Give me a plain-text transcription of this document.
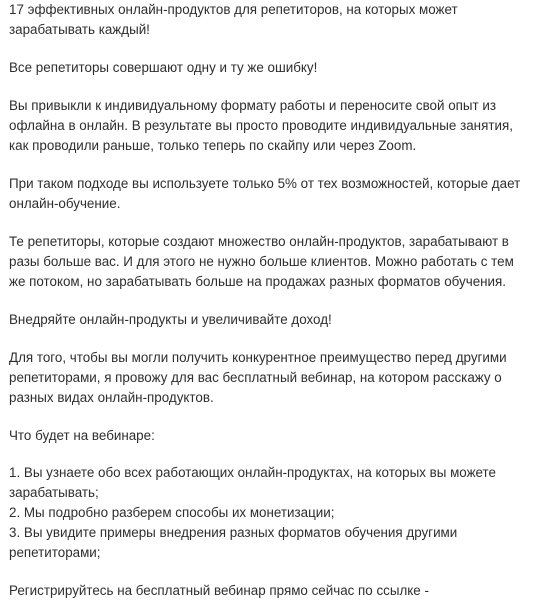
17 эффективных онлайн-продуктов для репетиторов, на которых может
зарабатывать каждый!
Все репетиторы совершают одну и ту же ошибку!
Вы привыкли к индивидуальному формату работы и переносите свой опыт из
офлайна в онлайн. В результате вы просто проводите индивидуальные занятия,
как проводили раньше, только теперь по скайпу или через Zoom.
При таком подходе вы используете только 5% от тех возможностей, которые дает
онлайн-обучение.
Те репетиторы, которые создают множество онлайн-продуктов, зарабатывают в
разы больше вас. И для этого не нужно больше клиентов. Можно работать с тем
же потоком, но зарабатывать больше на продажах разных форматов обучения.
Внедряйте онлайн-продукты и увеличивайте доход!
Для того, чтобы вы могли получить конкурентное преимущество перед другими
репетиторами, я провожу для вас бесплатный вебинар, на котором расскажу о
разных видах онлайн-продуктов.
Что будет на вебинаре:
1. Вы узнаете обо всех работающих онлайн-продуктах, на которых вы можете
зарабатывать;
2. Мы подробно разберем способы их монетизации;
3. Вы увидите примеры внедрения разных форматов обучения другими
репетиторами;
Регистрируйтесь на бесплатный вебинар прямо сейчас по ссылке -
